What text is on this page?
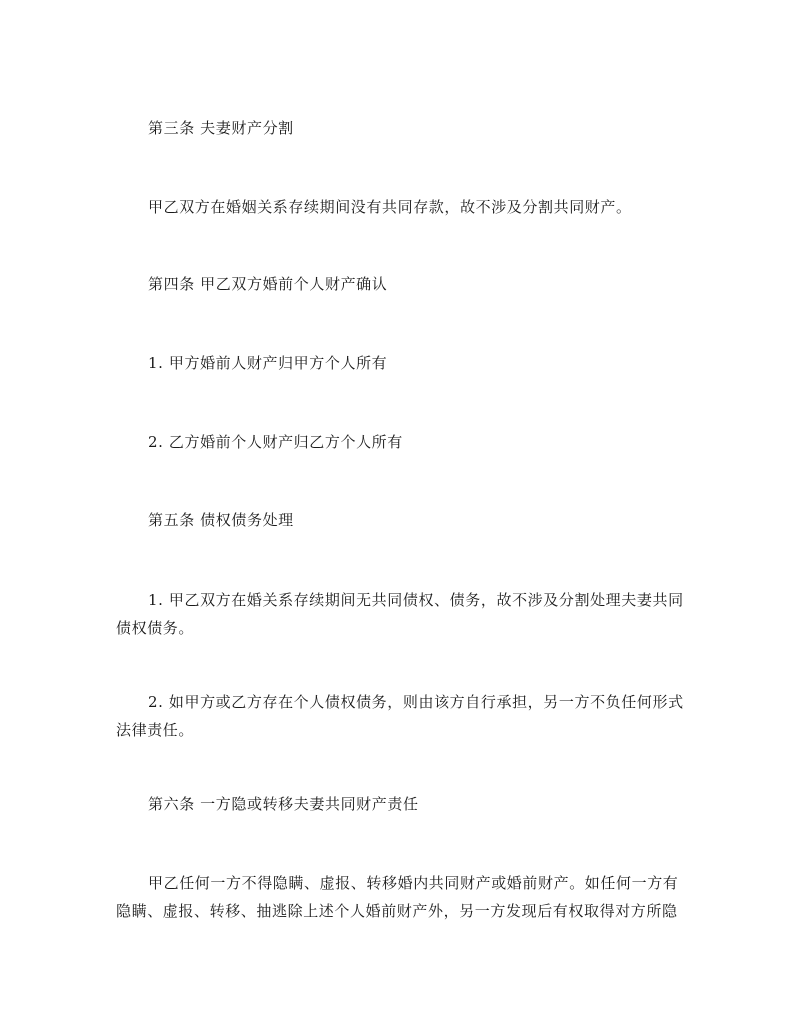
第三条 夫妻财产分割

甲乙双方在婚姻关系存续期间没有共同存款，故不涉及分割共同财产。

第四条 甲乙双方婚前个人财产确认

1. 甲方婚前人财产归甲方个人所有

2. 乙方婚前个人财产归乙方个人所有

第五条 债权债务处理

1. 甲乙双方在婚关系存续期间无共同债权、债务，故不涉及分割处理夫妻共同债权债务。

2. 如甲方或乙方存在个人债权债务，则由该方自行承担，另一方不负任何形式法律责任。

第六条 一方隐或转移夫妻共同财产责任

甲乙任何一方不得隐瞒、虚报、转移婚内共同财产或婚前财产。如任何一方有隐瞒、虚报、转移、抽逃除上述个人婚前财产外，另一方发现后有权取得对方所隐
